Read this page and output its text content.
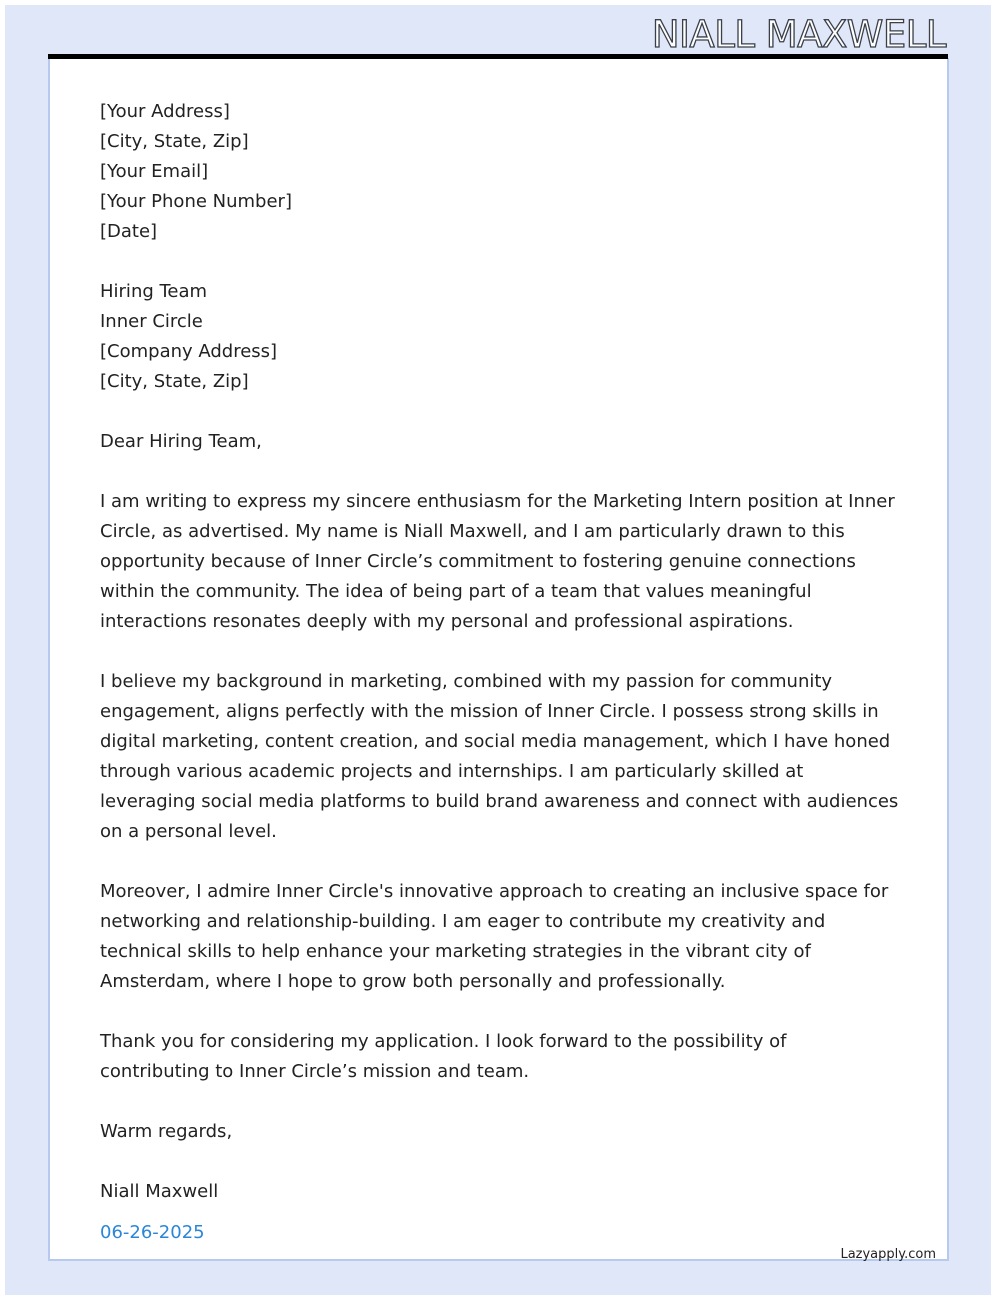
NIALL MAXWELL

[Your Address]
[City, State, Zip]
[Your Email]
[Your Phone Number]
[Date]

Hiring Team
Inner Circle
[Company Address]
[City, State, Zip]

Dear Hiring Team,

I am writing to express my sincere enthusiasm for the Marketing Intern position at Inner Circle, as advertised. My name is Niall Maxwell, and I am particularly drawn to this opportunity because of Inner Circle’s commitment to fostering genuine connections within the community. The idea of being part of a team that values meaningful interactions resonates deeply with my personal and professional aspirations.

I believe my background in marketing, combined with my passion for community engagement, aligns perfectly with the mission of Inner Circle. I possess strong skills in digital marketing, content creation, and social media management, which I have honed through various academic projects and internships. I am particularly skilled at leveraging social media platforms to build brand awareness and connect with audiences on a personal level.

Moreover, I admire Inner Circle's innovative approach to creating an inclusive space for networking and relationship-building. I am eager to contribute my creativity and technical skills to help enhance your marketing strategies in the vibrant city of Amsterdam, where I hope to grow both personally and professionally.

Thank you for considering my application. I look forward to the possibility of contributing to Inner Circle’s mission and team.

Warm regards,

Niall Maxwell

06-26-2025
Lazyapply.com
